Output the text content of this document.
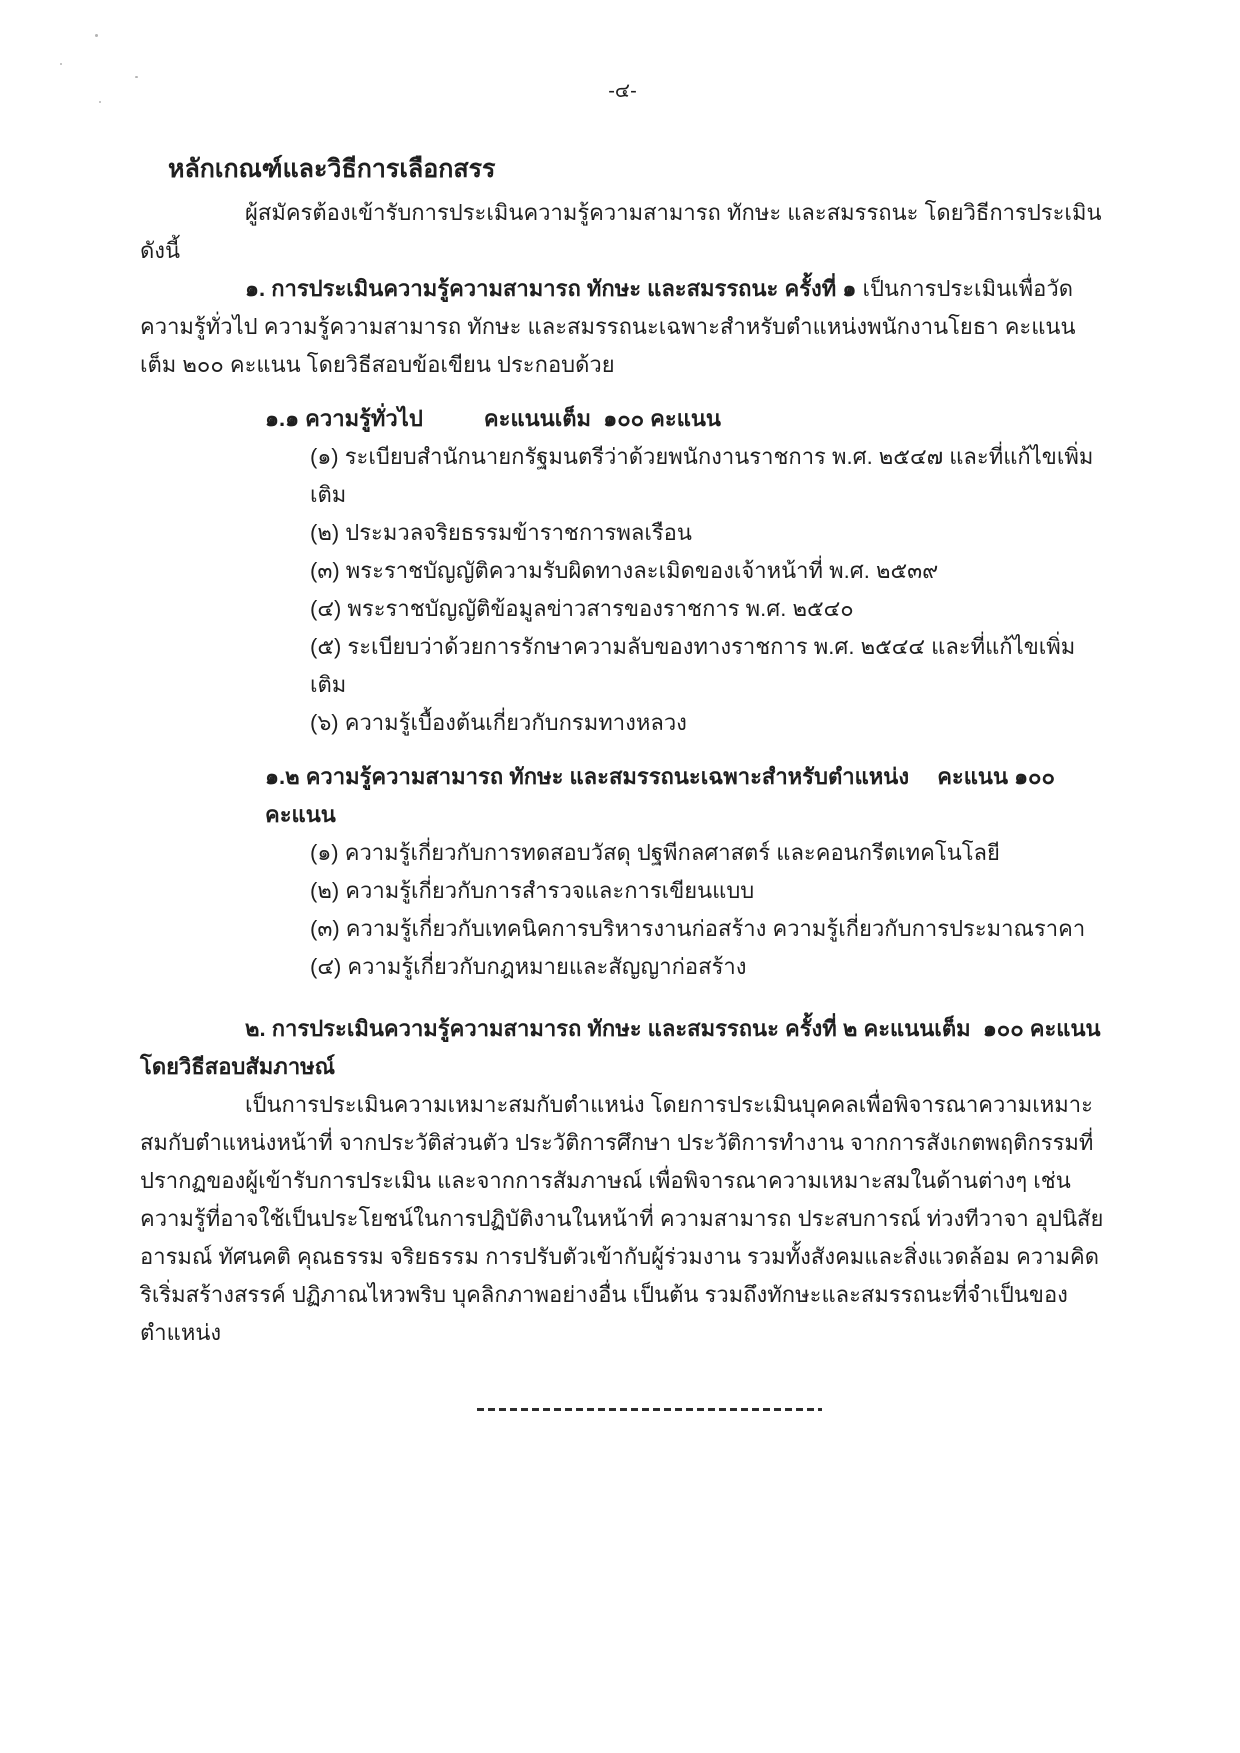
-๔-
หลักเกณฑ์และวิธีการเลือกสรร

ผู้สมัครต้องเข้ารับการประเมินความรู้ความสามารถ ทักษะ และสมรรถนะ โดยวิธีการประเมิน ดังนี้

๑. การประเมินความรู้ความสามารถ ทักษะ และสมรรถนะ ครั้งที่ ๑ เป็นการประเมินเพื่อวัดความรู้ทั่วไป ความรู้ความสามารถ ทักษะ และสมรรถนะเฉพาะสำหรับตำแหน่งพนักงานโยธา คะแนนเต็ม ๒๐๐ คะแนน โดยวิธีสอบข้อเขียน ประกอบด้วย

๑.๑ ความรู้ทั่วไป	คะแนนเต็ม  ๑๐๐ คะแนน
(๑) ระเบียบสำนักนายกรัฐมนตรีว่าด้วยพนักงานราชการ พ.ศ. ๒๕๔๗ และที่แก้ไขเพิ่มเติม
(๒) ประมวลจริยธรรมข้าราชการพลเรือน
(๓) พระราชบัญญัติความรับผิดทางละเมิดของเจ้าหน้าที่ พ.ศ. ๒๕๓๙
(๔) พระราชบัญญัติข้อมูลข่าวสารของราชการ พ.ศ. ๒๕๔๐
(๕) ระเบียบว่าด้วยการรักษาความลับของทางราชการ พ.ศ. ๒๕๔๔ และที่แก้ไขเพิ่มเติม
(๖) ความรู้เบื้องต้นเกี่ยวกับกรมทางหลวง
๑.๒ ความรู้ความสามารถ ทักษะ และสมรรถนะเฉพาะสำหรับตำแหน่ง คะแนน ๑๐๐ คะแนน
(๑) ความรู้เกี่ยวกับการทดสอบวัสดุ ปฐพีกลศาสตร์ และคอนกรีตเทคโนโลยี
(๒) ความรู้เกี่ยวกับการสำรวจและการเขียนแบบ
(๓) ความรู้เกี่ยวกับเทคนิคการบริหารงานก่อสร้าง ความรู้เกี่ยวกับการประมาณราคา
(๔) ความรู้เกี่ยวกับกฎหมายและสัญญาก่อสร้าง

๒. การประเมินความรู้ความสามารถ ทักษะ และสมรรถนะ ครั้งที่ ๒ คะแนนเต็ม  ๑๐๐ คะแนน

โดยวิธีสอบสัมภาษณ์

เป็นการประเมินความเหมาะสมกับตำแหน่ง โดยการประเมินบุคคลเพื่อพิจารณาความเหมาะสมกับตำแหน่งหน้าที่ จากประวัติส่วนตัว ประวัติการศึกษา ประวัติการทำงาน จากการสังเกตพฤติกรรมที่ปรากฏของผู้เข้ารับการประเมิน และจากการสัมภาษณ์ เพื่อพิจารณาความเหมาะสมในด้านต่างๆ เช่น ความรู้ที่อาจใช้เป็นประโยชน์ในการปฏิบัติงานในหน้าที่ ความสามารถ ประสบการณ์ ท่วงทีวาจา อุปนิสัย อารมณ์ ทัศนคติ คุณธรรม จริยธรรม การปรับตัวเข้ากับผู้ร่วมงาน รวมทั้งสังคมและสิ่งแวดล้อม ความคิดริเริ่มสร้างสรรค์ ปฏิภาณไหวพริบ บุคลิกภาพอย่างอื่น เป็นต้น รวมถึงทักษะและสมรรถนะที่จำเป็นของตำแหน่ง
